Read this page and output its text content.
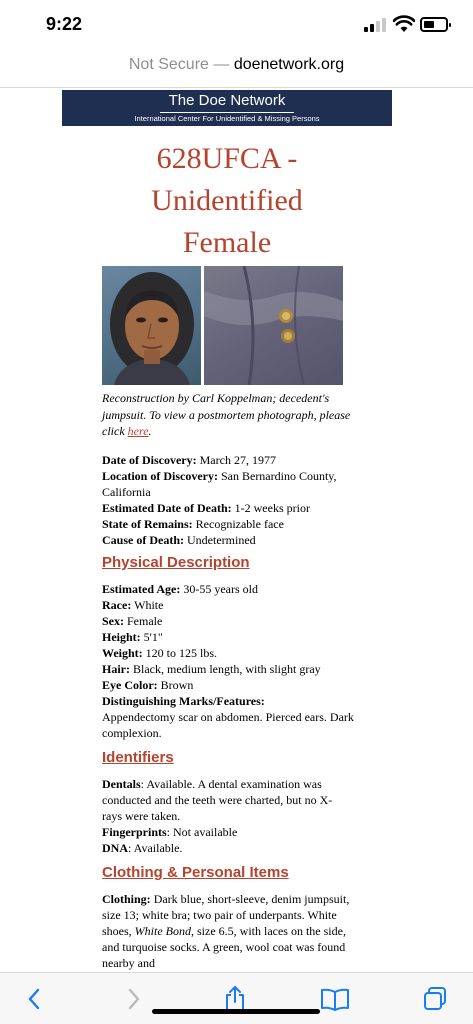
9:22
Not Secure — doenetwork.org
The Doe Network
International Center For Unidentified & Missing Persons
628UFCA -
Unidentified
Female
Reconstruction by Carl Koppelman; decedent's jumpsuit. To view a postmortem photograph, please click here.
Date of Discovery: March 27, 1977
Location of Discovery: San Bernardino County, California
Estimated Date of Death: 1-2 weeks prior
State of Remains: Recognizable face
Cause of Death: Undetermined
Physical Description
Estimated Age: 30-55 years old
Race: White
Sex: Female
Height: 5'1"
Weight: 120 to 125 lbs.
Hair: Black, medium length, with slight gray
Eye Color: Brown
Distinguishing Marks/Features:
Appendectomy scar on abdomen. Pierced ears. Dark complexion.
Identifiers
Dentals: Available. A dental examination was conducted and the teeth were charted, but no X-rays were taken.
Fingerprints: Not available
DNA: Available.
Clothing & Personal Items
Clothing: Dark blue, short-sleeve, denim jumpsuit, size 13; white bra; two pair of underpants. White shoes, White Bond, size 6.5, with laces on the side, and turquoise socks. A green, wool coat was found nearby and
